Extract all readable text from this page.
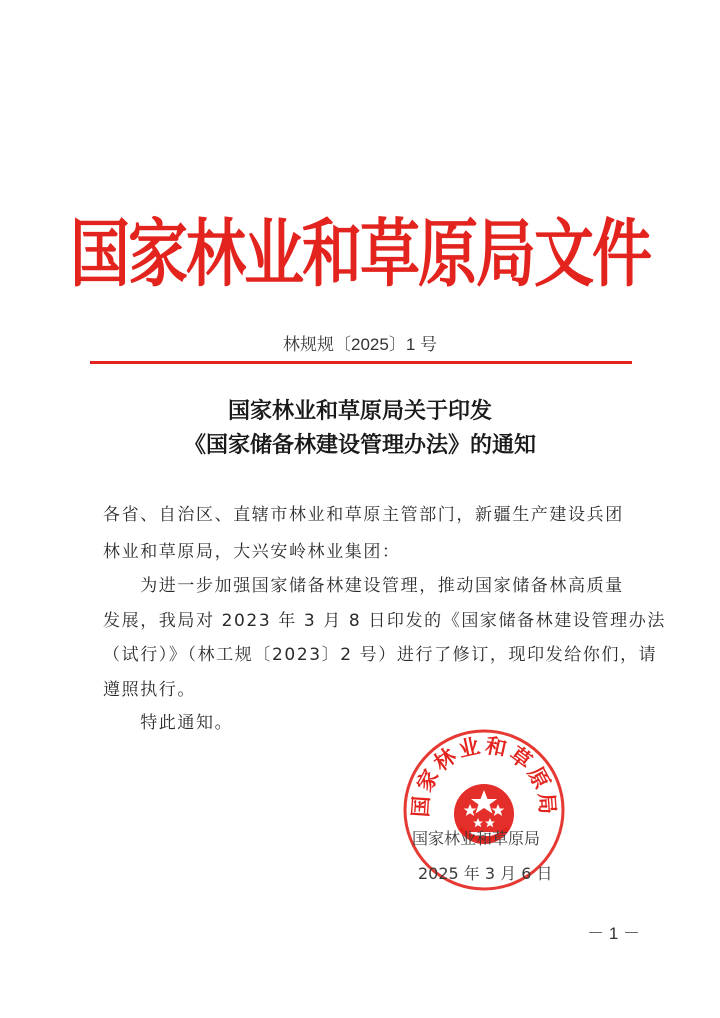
国家林业和草原局文件
林规规〔2025〕1 号
国家林业和草原局关于印发
《国家储备林建设管理办法》的通知
各省、自治区、直辖市林业和草原主管部门，新疆生产建设兵团
林业和草原局，大兴安岭林业集团：
　　为进一步加强国家储备林建设管理，推动国家储备林高质量
发展，我局对 2023 年 3 月 8 日印发的《国家储备林建设管理办法
（试行）》（林工规〔2023〕2 号）进行了修订，现印发给你们，请
遵照执行。
　　特此通知。
国家林业和草原局
国家林业和草原局
2025 年 3 月 6 日
－ 1 －
